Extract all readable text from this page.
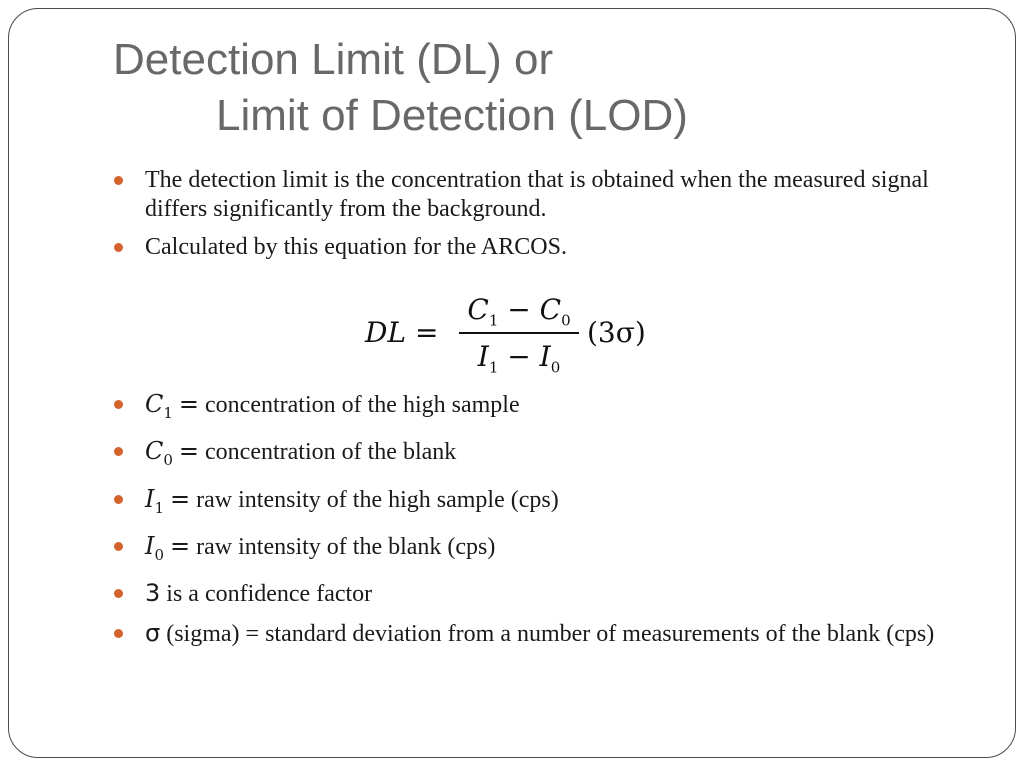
Detection Limit (DL) or
Limit of Detection (LOD)
The detection limit is the concentration that is obtained when the measured signal differs significantly from the background.
Calculated by this equation for the ARCOS.
DL =
$C_1 - C_0$
$I_1 - I_0$
(3σ)
$C_1$ = concentration of the high sample
$C_0$ = concentration of the blank
$I_1$ = raw intensity of the high sample (cps)
$I_0$ = raw intensity of the blank (cps)
3 is a confidence factor
σ (sigma) = standard deviation from a number of measurements of the blank (cps)
